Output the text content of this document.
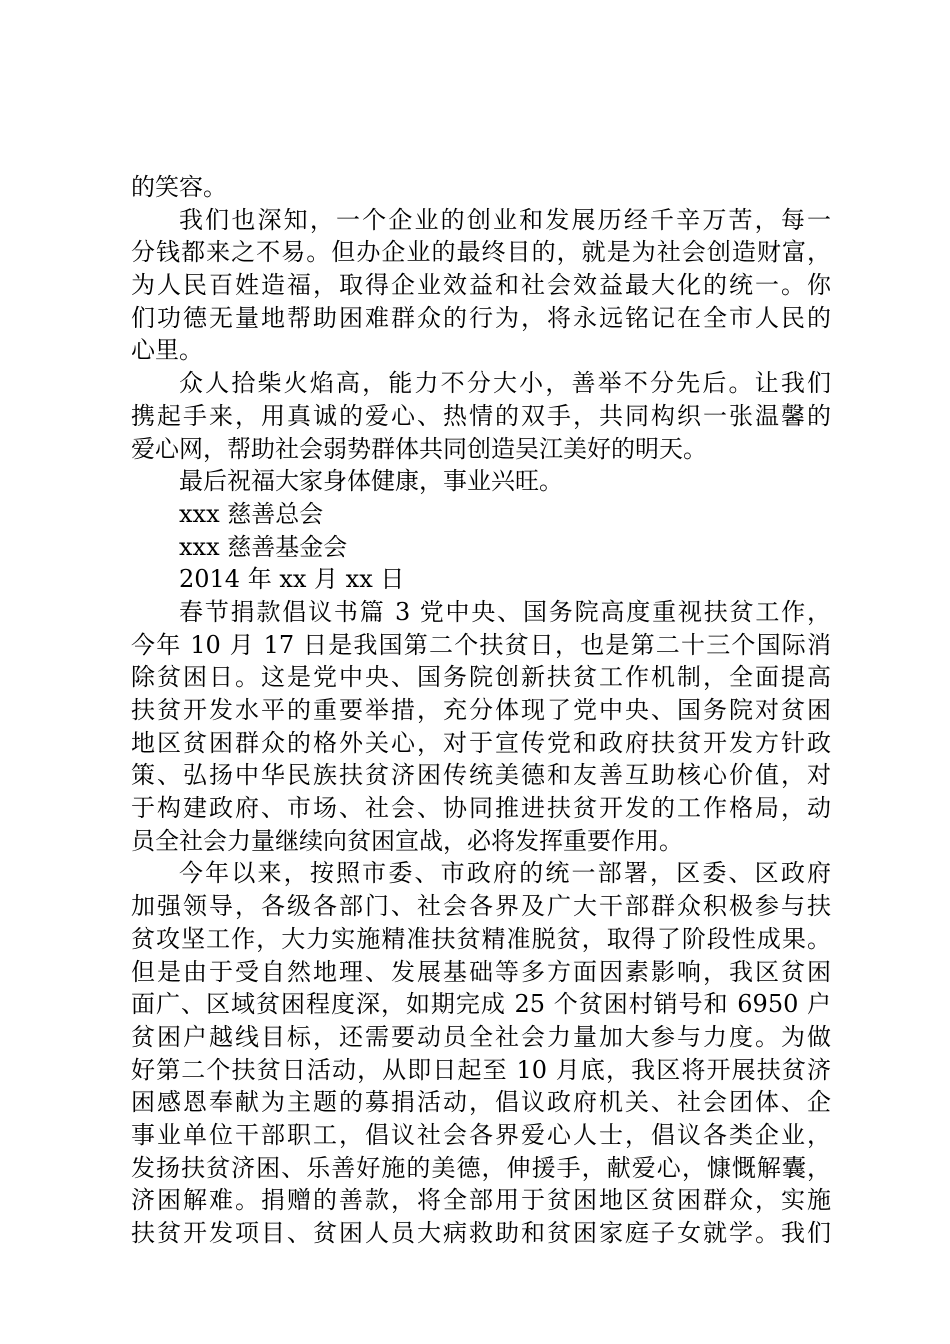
的笑容。
我们也深知，一个企业的创业和发展历经千辛万苦，每一
分钱都来之不易。但办企业的最终目的，就是为社会创造财富，
为人民百姓造福，取得企业效益和社会效益最大化的统一。你
们功德无量地帮助困难群众的行为，将永远铭记在全市人民的
心里。
众人拾柴火焰高，能力不分大小，善举不分先后。让我们
携起手来，用真诚的爱心、热情的双手，共同构织一张温馨的
爱心网，帮助社会弱势群体共同创造吴江美好的明天。
最后祝福大家身体健康，事业兴旺。
xxx 慈善总会
xxx 慈善基金会
2014 年 xx 月 xx 日
春节捐款倡议书篇 3 党中央、国务院高度重视扶贫工作，
今年 10 月 17 日是我国第二个扶贫日，也是第二十三个国际消
除贫困日。这是党中央、国务院创新扶贫工作机制，全面提高
扶贫开发水平的重要举措，充分体现了党中央、国务院对贫困
地区贫困群众的格外关心，对于宣传党和政府扶贫开发方针政
策、弘扬中华民族扶贫济困传统美德和友善互助核心价值，对
于构建政府、市场、社会、协同推进扶贫开发的工作格局，动
员全社会力量继续向贫困宣战，必将发挥重要作用。
今年以来，按照市委、市政府的统一部署，区委、区政府
加强领导，各级各部门、社会各界及广大干部群众积极参与扶
贫攻坚工作，大力实施精准扶贫精准脱贫，取得了阶段性成果。
但是由于受自然地理、发展基础等多方面因素影响，我区贫困
面广、区域贫困程度深，如期完成 25 个贫困村销号和 6950 户
贫困户越线目标，还需要动员全社会力量加大参与力度。为做
好第二个扶贫日活动，从即日起至 10 月底，我区将开展扶贫济
困感恩奉献为主题的募捐活动，倡议政府机关、社会团体、企
事业单位干部职工，倡议社会各界爱心人士，倡议各类企业，
发扬扶贫济困、乐善好施的美德，伸援手，献爱心，慷慨解囊，
济困解难。捐赠的善款，将全部用于贫困地区贫困群众，实施
扶贫开发项目、贫困人员大病救助和贫困家庭子女就学。我们
